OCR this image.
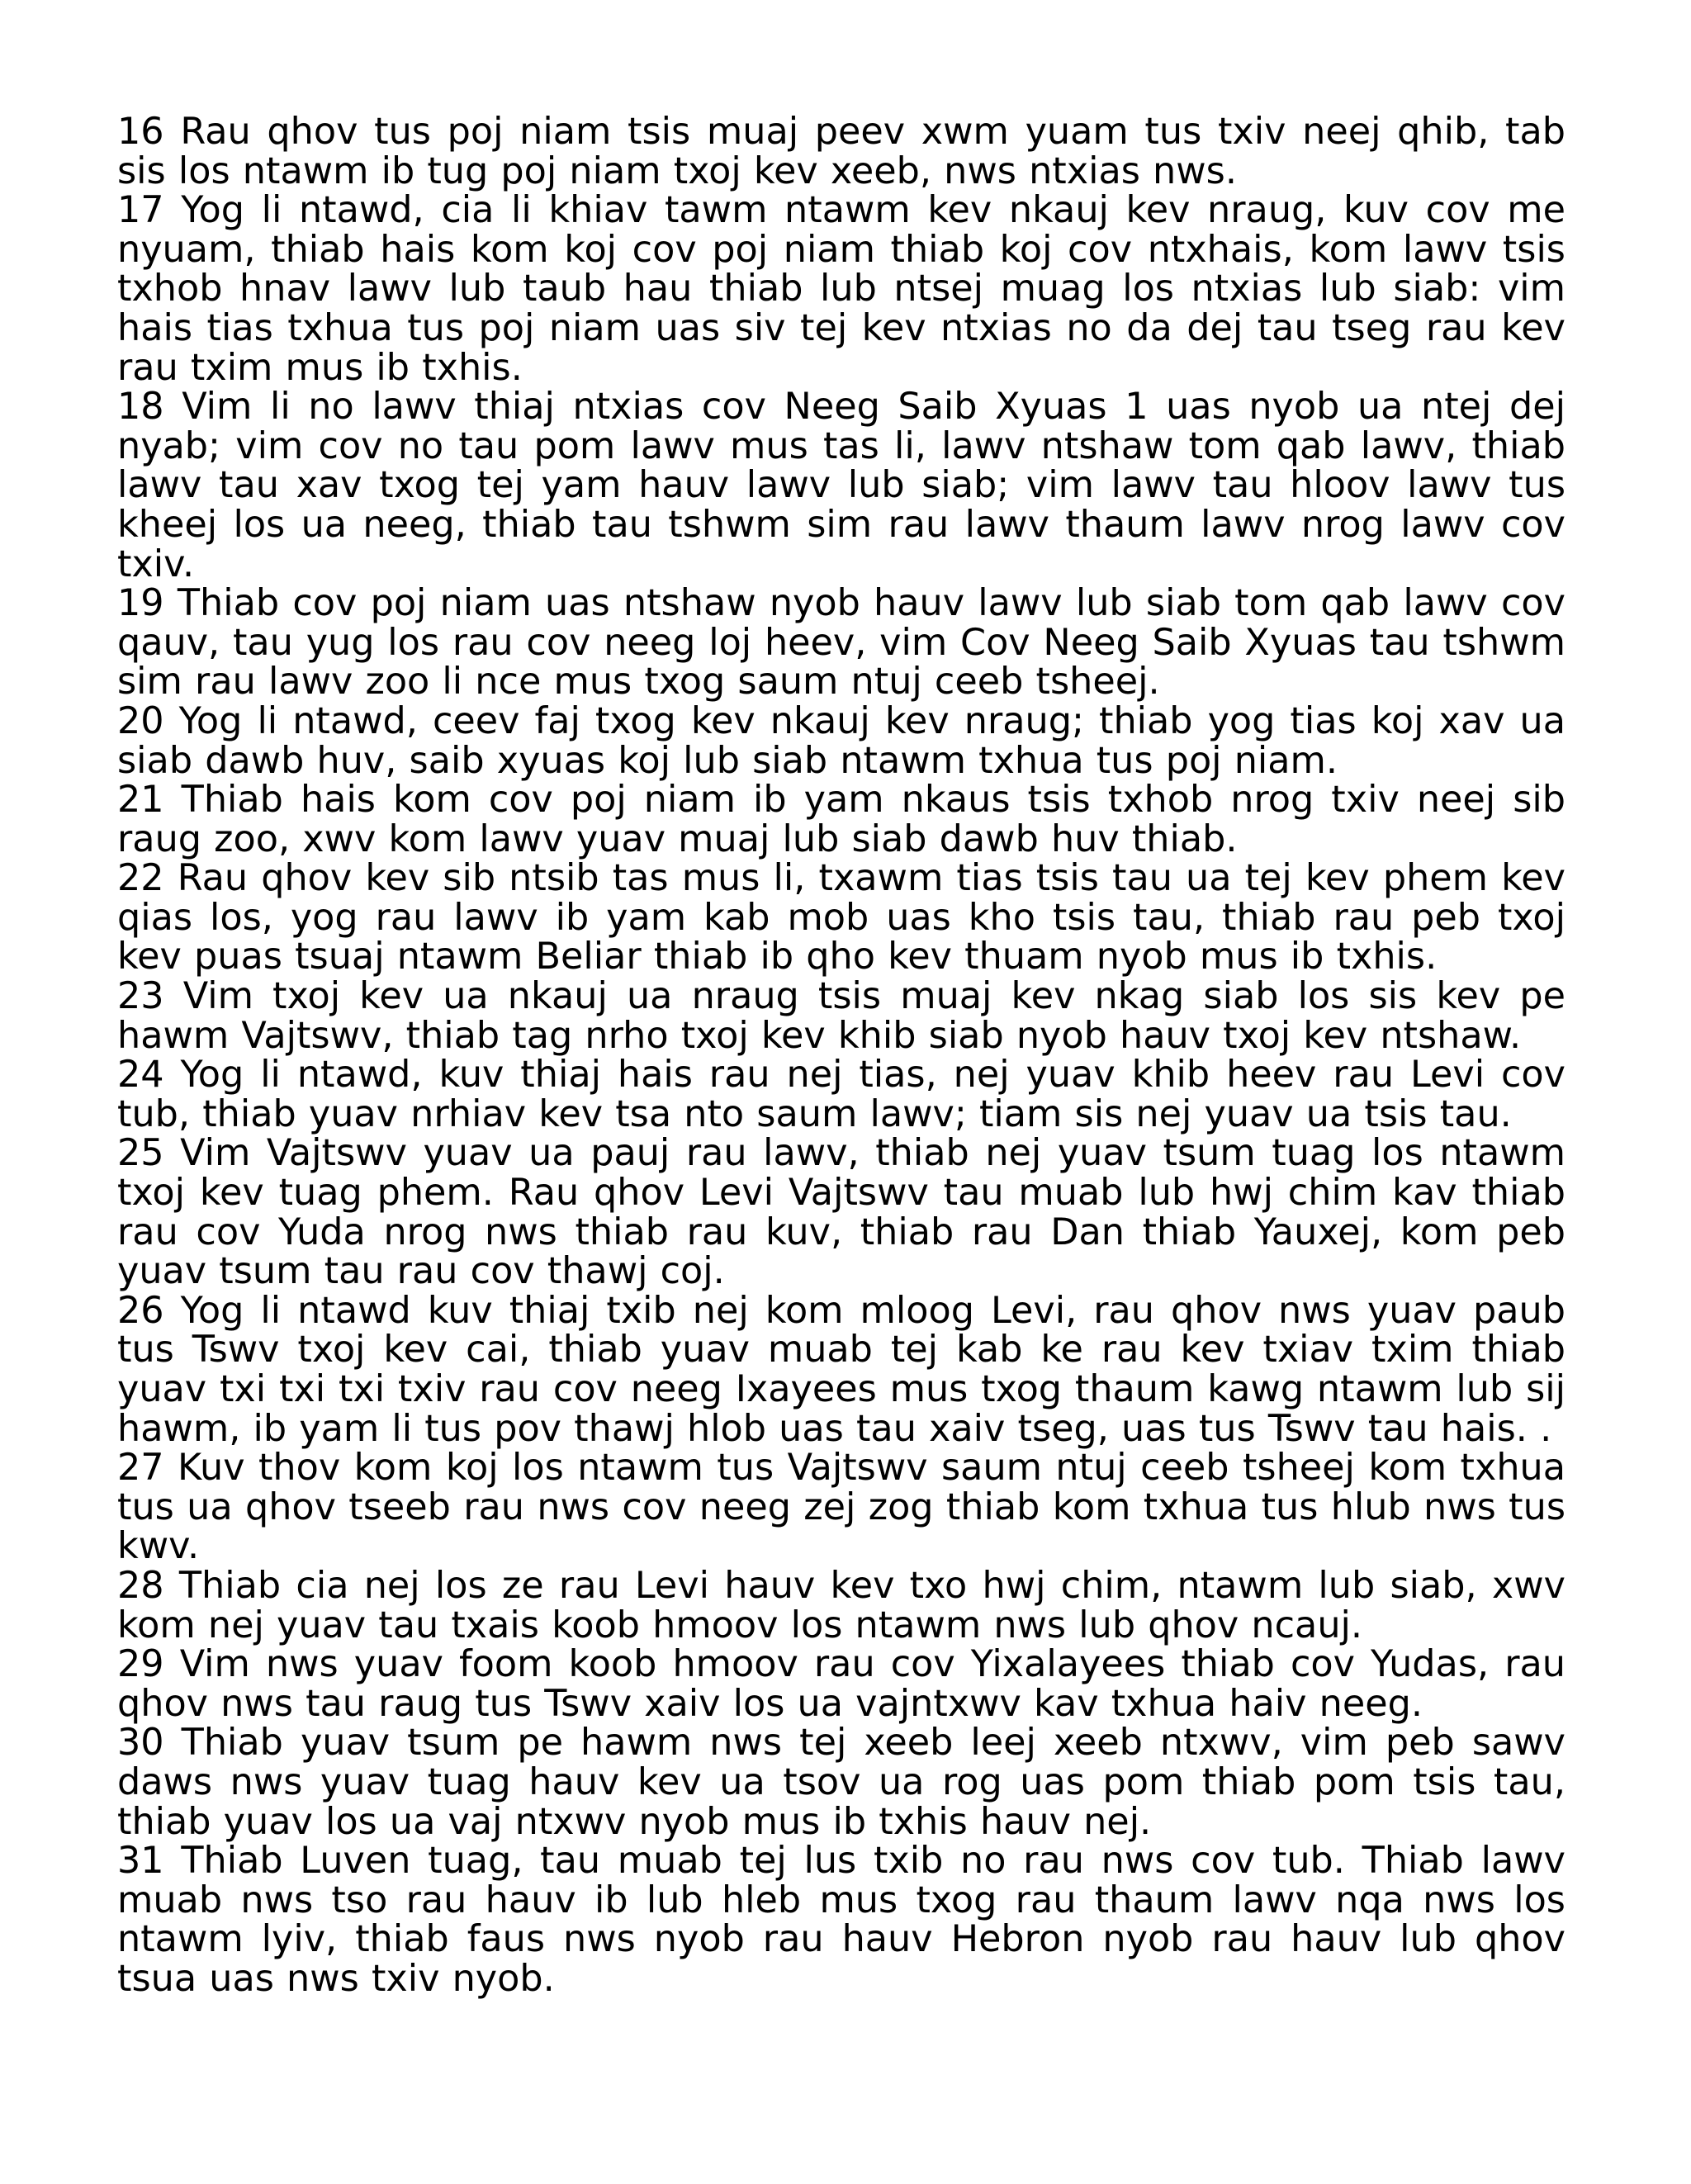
16 Rau qhov tus poj niam tsis muaj peev xwm yuam tus txiv neej qhib, tab sis los ntawm ib tug poj niam txoj kev xeeb, nws ntxias nws.

17 Yog li ntawd, cia li khiav tawm ntawm kev nkauj kev nraug, kuv cov me nyuam, thiab hais kom koj cov poj niam thiab koj cov ntxhais, kom lawv tsis txhob hnav lawv lub taub hau thiab lub ntsej muag los ntxias lub siab: vim hais tias txhua tus poj niam uas siv tej kev ntxias no da dej tau tseg rau kev rau txim mus ib txhis.

18 Vim li no lawv thiaj ntxias cov Neeg Saib Xyuas 1 uas nyob ua ntej dej nyab; vim cov no tau pom lawv mus tas li, lawv ntshaw tom qab lawv, thiab lawv tau xav txog tej yam hauv lawv lub siab; vim lawv tau hloov lawv tus kheej los ua neeg, thiab tau tshwm sim rau lawv thaum lawv nrog lawv cov txiv.

19 Thiab cov poj niam uas ntshaw nyob hauv lawv lub siab tom qab lawv cov qauv, tau yug los rau cov neeg loj heev, vim Cov Neeg Saib Xyuas tau tshwm sim rau lawv zoo li nce mus txog saum ntuj ceeb tsheej.

20 Yog li ntawd, ceev faj txog kev nkauj kev nraug; thiab yog tias koj xav ua siab dawb huv, saib xyuas koj lub siab ntawm txhua tus poj niam.

21 Thiab hais kom cov poj niam ib yam nkaus tsis txhob nrog txiv neej sib raug zoo, xwv kom lawv yuav muaj lub siab dawb huv thiab.

22 Rau qhov kev sib ntsib tas mus li, txawm tias tsis tau ua tej kev phem kev qias los, yog rau lawv ib yam kab mob uas kho tsis tau, thiab rau peb txoj kev puas tsuaj ntawm Beliar thiab ib qho kev thuam nyob mus ib txhis.

23 Vim txoj kev ua nkauj ua nraug tsis muaj kev nkag siab los sis kev pe hawm Vajtswv, thiab tag nrho txoj kev khib siab nyob hauv txoj kev ntshaw.

24 Yog li ntawd, kuv thiaj hais rau nej tias, nej yuav khib heev rau Levi cov tub, thiab yuav nrhiav kev tsa nto saum lawv; tiam sis nej yuav ua tsis tau.

25 Vim Vajtswv yuav ua pauj rau lawv, thiab nej yuav tsum tuag los ntawm txoj kev tuag phem. Rau qhov Levi Vajtswv tau muab lub hwj chim kav thiab rau cov Yuda nrog nws thiab rau kuv, thiab rau Dan thiab Yauxej, kom peb yuav tsum tau rau cov thawj coj.

26 Yog li ntawd kuv thiaj txib nej kom mloog Levi, rau qhov nws yuav paub tus Tswv txoj kev cai, thiab yuav muab tej kab ke rau kev txiav txim thiab yuav txi txi txi txiv rau cov neeg Ixayees mus txog thaum kawg ntawm lub sij hawm, ib yam li tus pov thawj hlob uas tau xaiv tseg, uas tus Tswv tau hais. .

27 Kuv thov kom koj los ntawm tus Vajtswv saum ntuj ceeb tsheej kom txhua tus ua qhov tseeb rau nws cov neeg zej zog thiab kom txhua tus hlub nws tus kwv.

28 Thiab cia nej los ze rau Levi hauv kev txo hwj chim, ntawm lub siab, xwv kom nej yuav tau txais koob hmoov los ntawm nws lub qhov ncauj.

29 Vim nws yuav foom koob hmoov rau cov Yixalayees thiab cov Yudas, rau qhov nws tau raug tus Tswv xaiv los ua vajntxwv kav txhua haiv neeg.

30 Thiab yuav tsum pe hawm nws tej xeeb leej xeeb ntxwv, vim peb sawv daws nws yuav tuag hauv kev ua tsov ua rog uas pom thiab pom tsis tau, thiab yuav los ua vaj ntxwv nyob mus ib txhis hauv nej.

31 Thiab Luven tuag, tau muab tej lus txib no rau nws cov tub. Thiab lawv muab nws tso rau hauv ib lub hleb mus txog rau thaum lawv nqa nws los ntawm lyiv, thiab faus nws nyob rau hauv Hebron nyob rau hauv lub qhov tsua uas nws txiv nyob.
